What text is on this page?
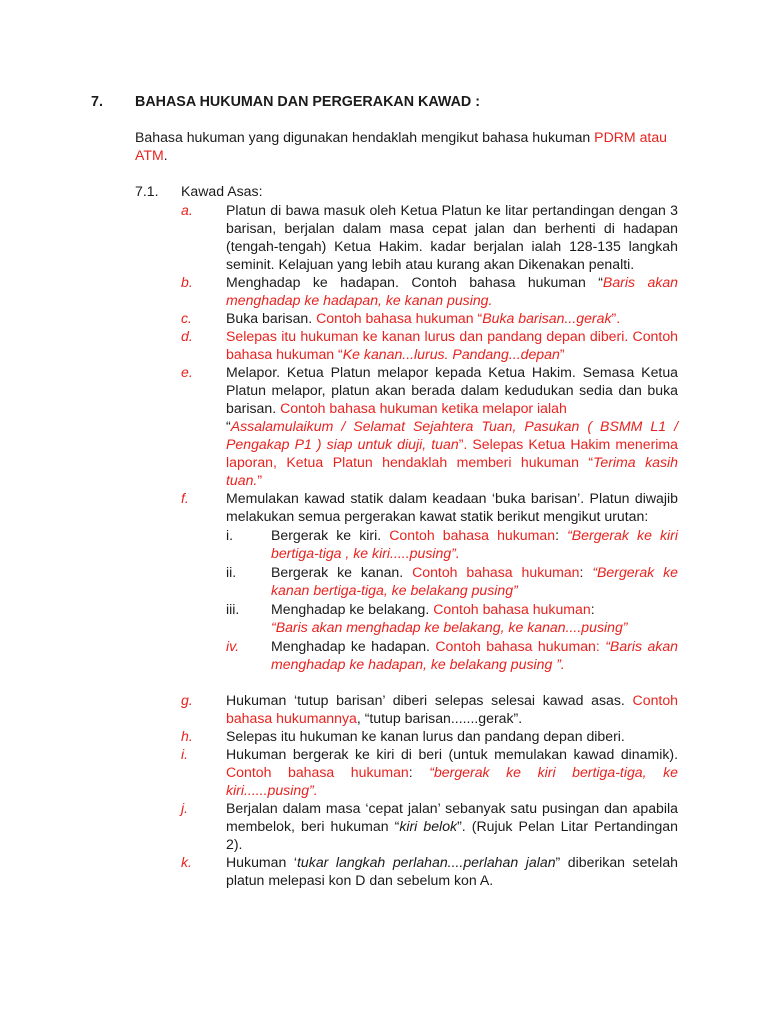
7. BAHASA HUKUMAN DAN PERGERAKAN KAWAD :

Bahasa hukuman yang digunakan hendaklah mengikut bahasa hukuman PDRM atau ATM.

7.1. Kawad Asas:
a. Platun di bawa masuk oleh Ketua Platun ke litar pertandingan dengan 3 barisan, berjalan dalam masa cepat jalan dan berhenti di hadapan (tengah-tengah) Ketua Hakim. kadar berjalan ialah 128-135 langkah seminit. Kelajuan yang lebih atau kurang akan Dikenakan penalti.
b. Menghadap ke hadapan. Contoh bahasa hukuman “Baris akan menghadap ke hadapan, ke kanan pusing.
c. Buka barisan. Contoh bahasa hukuman “Buka barisan...gerak”.
d. Selepas itu hukuman ke kanan lurus dan pandang depan diberi. Contoh bahasa hukuman “Ke kanan...lurus. Pandang...depan”
e. Melapor. Ketua Platun melapor kepada Ketua Hakim. Semasa Ketua Platun melapor, platun akan berada dalam kedudukan sedia dan buka barisan. Contoh bahasa hukuman ketika melapor ialah
“Assalamulaikum / Selamat Sejahtera Tuan, Pasukan ( BSMM L1 / Pengakap P1 ) siap untuk diuji, tuan”. Selepas Ketua Hakim menerima laporan, Ketua Platun hendaklah memberi hukuman “Terima kasih tuan.”
f.	Memulakan kawad statik dalam keadaan ‘buka barisan’. Platun diwajib melakukan semua pergerakan kawat statik berikut mengikut urutan:
i.	Bergerak ke kiri. Contoh bahasa hukuman: “Bergerak ke kiri bertiga-tiga , ke kiri.....pusing”.
ii. Bergerak ke kanan. Contoh bahasa hukuman: “Bergerak ke kanan bertiga-tiga, ke belakang pusing”
iii. Menghadap ke belakang. Contoh bahasa hukuman:
“Baris akan menghadap ke belakang, ke kanan....pusing”
iv. Menghadap ke hadapan. Contoh bahasa hukuman: “Baris akan menghadap ke hadapan, ke belakang pusing ”.
g. Hukuman ‘tutup barisan’ diberi selepas selesai kawad asas. Contoh bahasa hukumannya, “tutup barisan.......gerak”.
h. Selepas itu hukuman ke kanan lurus dan pandang depan diberi.
i.	Hukuman bergerak ke kiri di beri (untuk memulakan kawad dinamik). Contoh bahasa hukuman: “bergerak ke kiri bertiga-tiga, ke kiri......pusing”.
j.	Berjalan dalam masa ‘cepat jalan’ sebanyak satu pusingan dan apabila membelok, beri hukuman “kiri belok”. (Rujuk Pelan Litar Pertandingan 2).
k. Hukuman ‘tukar langkah perlahan....perlahan jalan” diberikan setelah platun melepasi kon D dan sebelum kon A.
